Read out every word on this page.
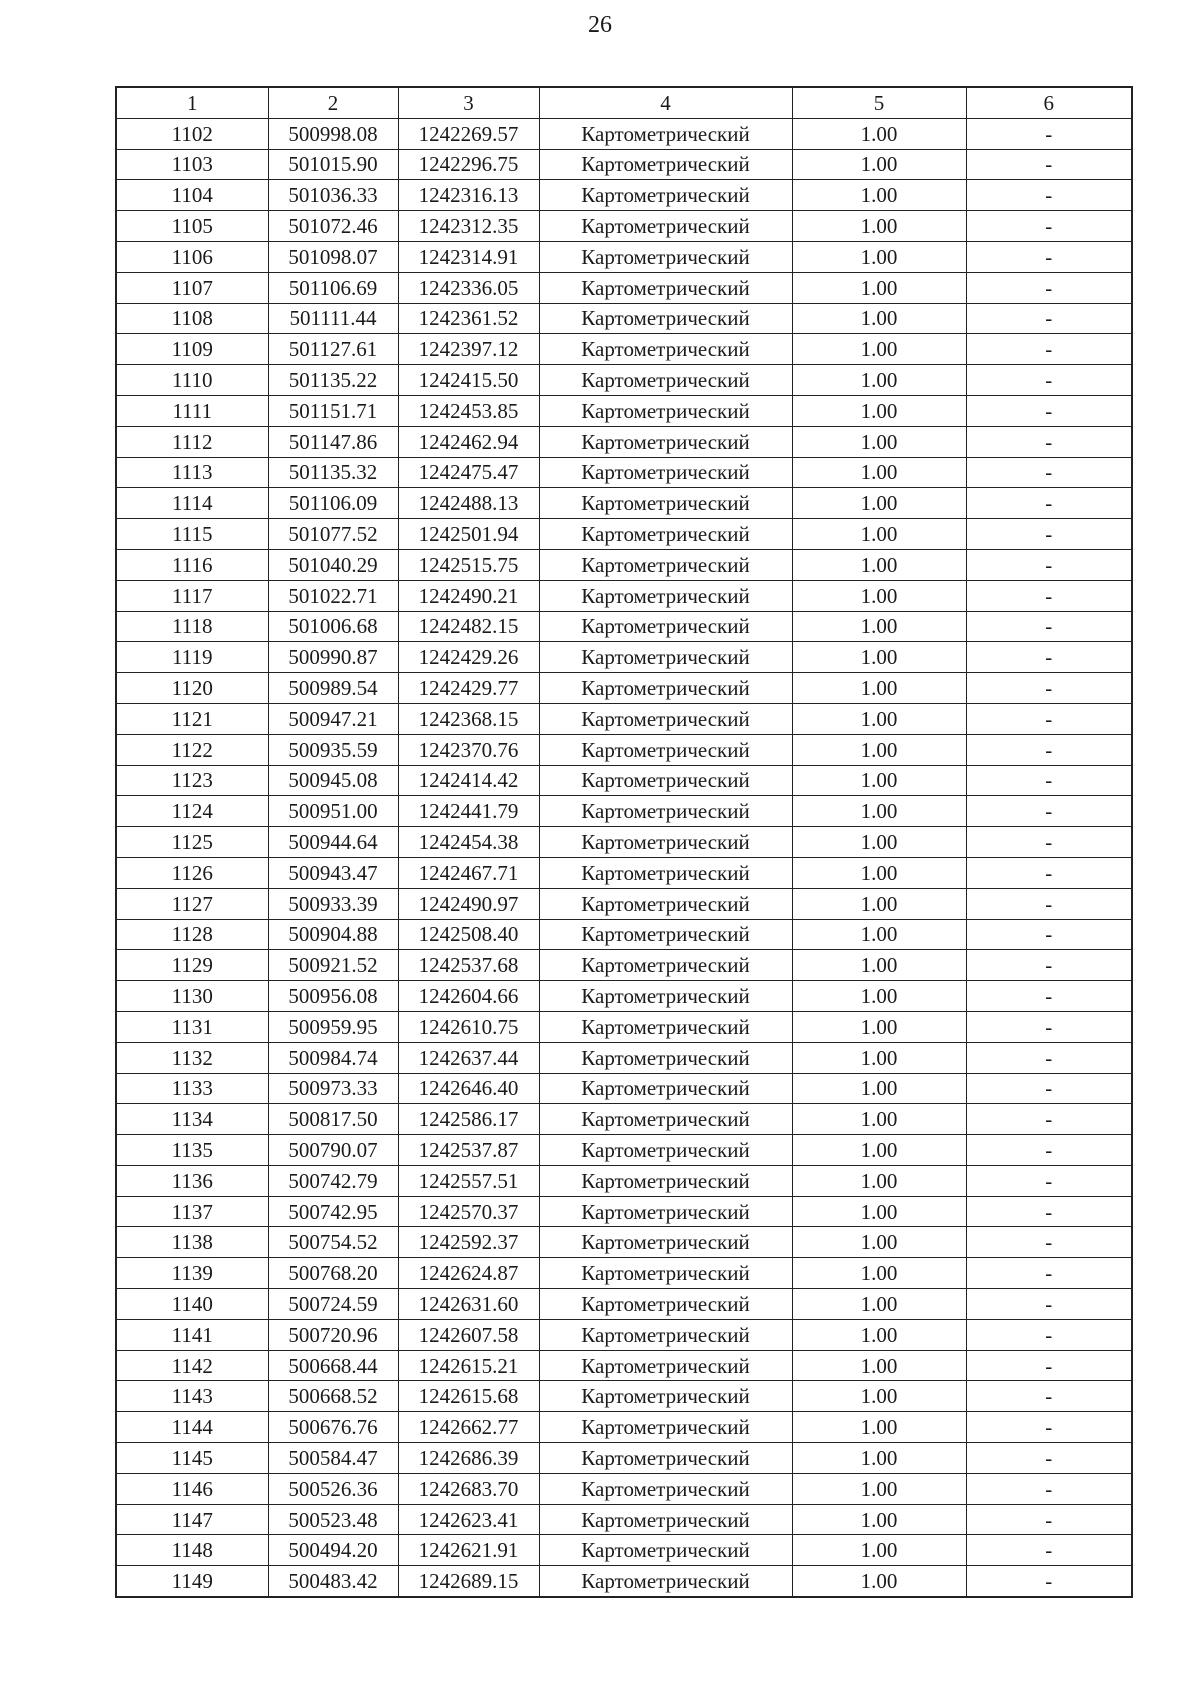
26
1	2	3	4	5	6
1102	500998.08	1242269.57	Картометрический	1.00	-
1103	501015.90	1242296.75	Картометрический	1.00	-
1104	501036.33	1242316.13	Картометрический	1.00	-
1105	501072.46	1242312.35	Картометрический	1.00	-
1106	501098.07	1242314.91	Картометрический	1.00	-
1107	501106.69	1242336.05	Картометрический	1.00	-
1108	501111.44	1242361.52	Картометрический	1.00	-
1109	501127.61	1242397.12	Картометрический	1.00	-
1110	501135.22	1242415.50	Картометрический	1.00	-
1111	501151.71	1242453.85	Картометрический	1.00	-
1112	501147.86	1242462.94	Картометрический	1.00	-
1113	501135.32	1242475.47	Картометрический	1.00	-
1114	501106.09	1242488.13	Картометрический	1.00	-
1115	501077.52	1242501.94	Картометрический	1.00	-
1116	501040.29	1242515.75	Картометрический	1.00	-
1117	501022.71	1242490.21	Картометрический	1.00	-
1118	501006.68	1242482.15	Картометрический	1.00	-
1119	500990.87	1242429.26	Картометрический	1.00	-
1120	500989.54	1242429.77	Картометрический	1.00	-
1121	500947.21	1242368.15	Картометрический	1.00	-
1122	500935.59	1242370.76	Картометрический	1.00	-
1123	500945.08	1242414.42	Картометрический	1.00	-
1124	500951.00	1242441.79	Картометрический	1.00	-
1125	500944.64	1242454.38	Картометрический	1.00	-
1126	500943.47	1242467.71	Картометрический	1.00	-
1127	500933.39	1242490.97	Картометрический	1.00	-
1128	500904.88	1242508.40	Картометрический	1.00	-
1129	500921.52	1242537.68	Картометрический	1.00	-
1130	500956.08	1242604.66	Картометрический	1.00	-
1131	500959.95	1242610.75	Картометрический	1.00	-
1132	500984.74	1242637.44	Картометрический	1.00	-
1133	500973.33	1242646.40	Картометрический	1.00	-
1134	500817.50	1242586.17	Картометрический	1.00	-
1135	500790.07	1242537.87	Картометрический	1.00	-
1136	500742.79	1242557.51	Картометрический	1.00	-
1137	500742.95	1242570.37	Картометрический	1.00	-
1138	500754.52	1242592.37	Картометрический	1.00	-
1139	500768.20	1242624.87	Картометрический	1.00	-
1140	500724.59	1242631.60	Картометрический	1.00	-
1141	500720.96	1242607.58	Картометрический	1.00	-
1142	500668.44	1242615.21	Картометрический	1.00	-
1143	500668.52	1242615.68	Картометрический	1.00	-
1144	500676.76	1242662.77	Картометрический	1.00	-
1145	500584.47	1242686.39	Картометрический	1.00	-
1146	500526.36	1242683.70	Картометрический	1.00	-
1147	500523.48	1242623.41	Картометрический	1.00	-
1148	500494.20	1242621.91	Картометрический	1.00	-
1149	500483.42	1242689.15	Картометрический	1.00	-
